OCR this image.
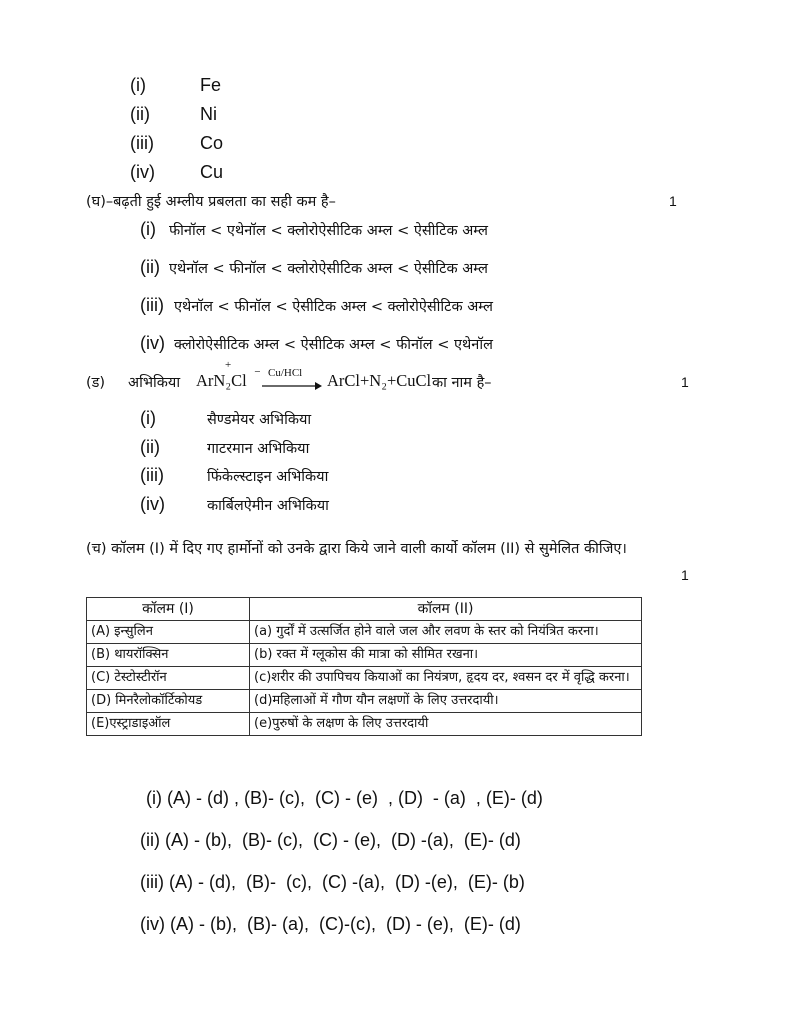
(i)	Fe
(ii)	Ni
(iii)	Co
(iv)	Cu
(घ)–बढ़ती हुई अम्लीय प्रबलता का सही कम है–	1
(i) फीनॉल < एथेनॉल < क्लोरोऐसीटिक अम्ल < ऐसीटिक अम्ल
(ii) एथेनॉल < फीनॉल < क्लोरोऐसीटिक अम्ल < ऐसीटिक अम्ल
(iii) एथेनॉल < फीनॉल < ऐसीटिक अम्ल < क्लोरोऐसीटिक अम्ल
(iv) क्लोरोऐसीटिक अम्ल < ऐसीटिक अम्ल < फीनॉल < एथेनॉल
(ड) अभिकिया ArN₂Cl
+
⁻ Cu/HCl → ArCl+N₂+CuCl का नाम है–	1
(i)	सैण्डमेयर अभिकिया
(ii)	गाटरमान अभिकिया
(iii)	फिंकेल्स्टाइन अभिकिया
(iv)	कार्बिलऐमीन अभिकिया
(च) कॉलम (I) में दिए गए हार्मोनों को उनके द्वारा किये जाने वाली कार्यो कॉलम (II) से सुमेलित कीजिए।
1
कॉलम (I)	कॉलम (II)
(A) इन्सुलिन	(a) गुर्दों में उत्सर्जित होने वाले जल और लवण के स्तर को नियंत्रित करना।
(B) थायरॉक्सिन	(b) रक्त में ग्लूकोस की मात्रा को सीमित रखना।
(C) टेस्टोस्टीरॉन	(c)शरीर की उपापिचय कियाओं का नियंत्रण, हृदय दर, श्वसन दर में वृद्धि करना।
(D) मिनरैलोकॉर्टिकोयड	(d)महिलाओं में गौण यौन लक्षणों के लिए उत्तरदायी।
(E)एस्ट्राडाइऑल	(e)पुरुषों के लक्षण के लिए उत्तरदायी
(i) (A) - (d) , (B)- (c),  (C) - (e)  , (D)  - (a)  , (E)- (d)
(ii) (A) - (b),  (B)- (c),  (C) - (e),  (D) -(a),  (E)- (d)
(iii) (A) - (d),  (B)-  (c),  (C) -(a),  (D) -(e),  (E)- (b)
(iv) (A) - (b),  (B)- (a),  (C)-(c),  (D) - (e),  (E)- (d)
